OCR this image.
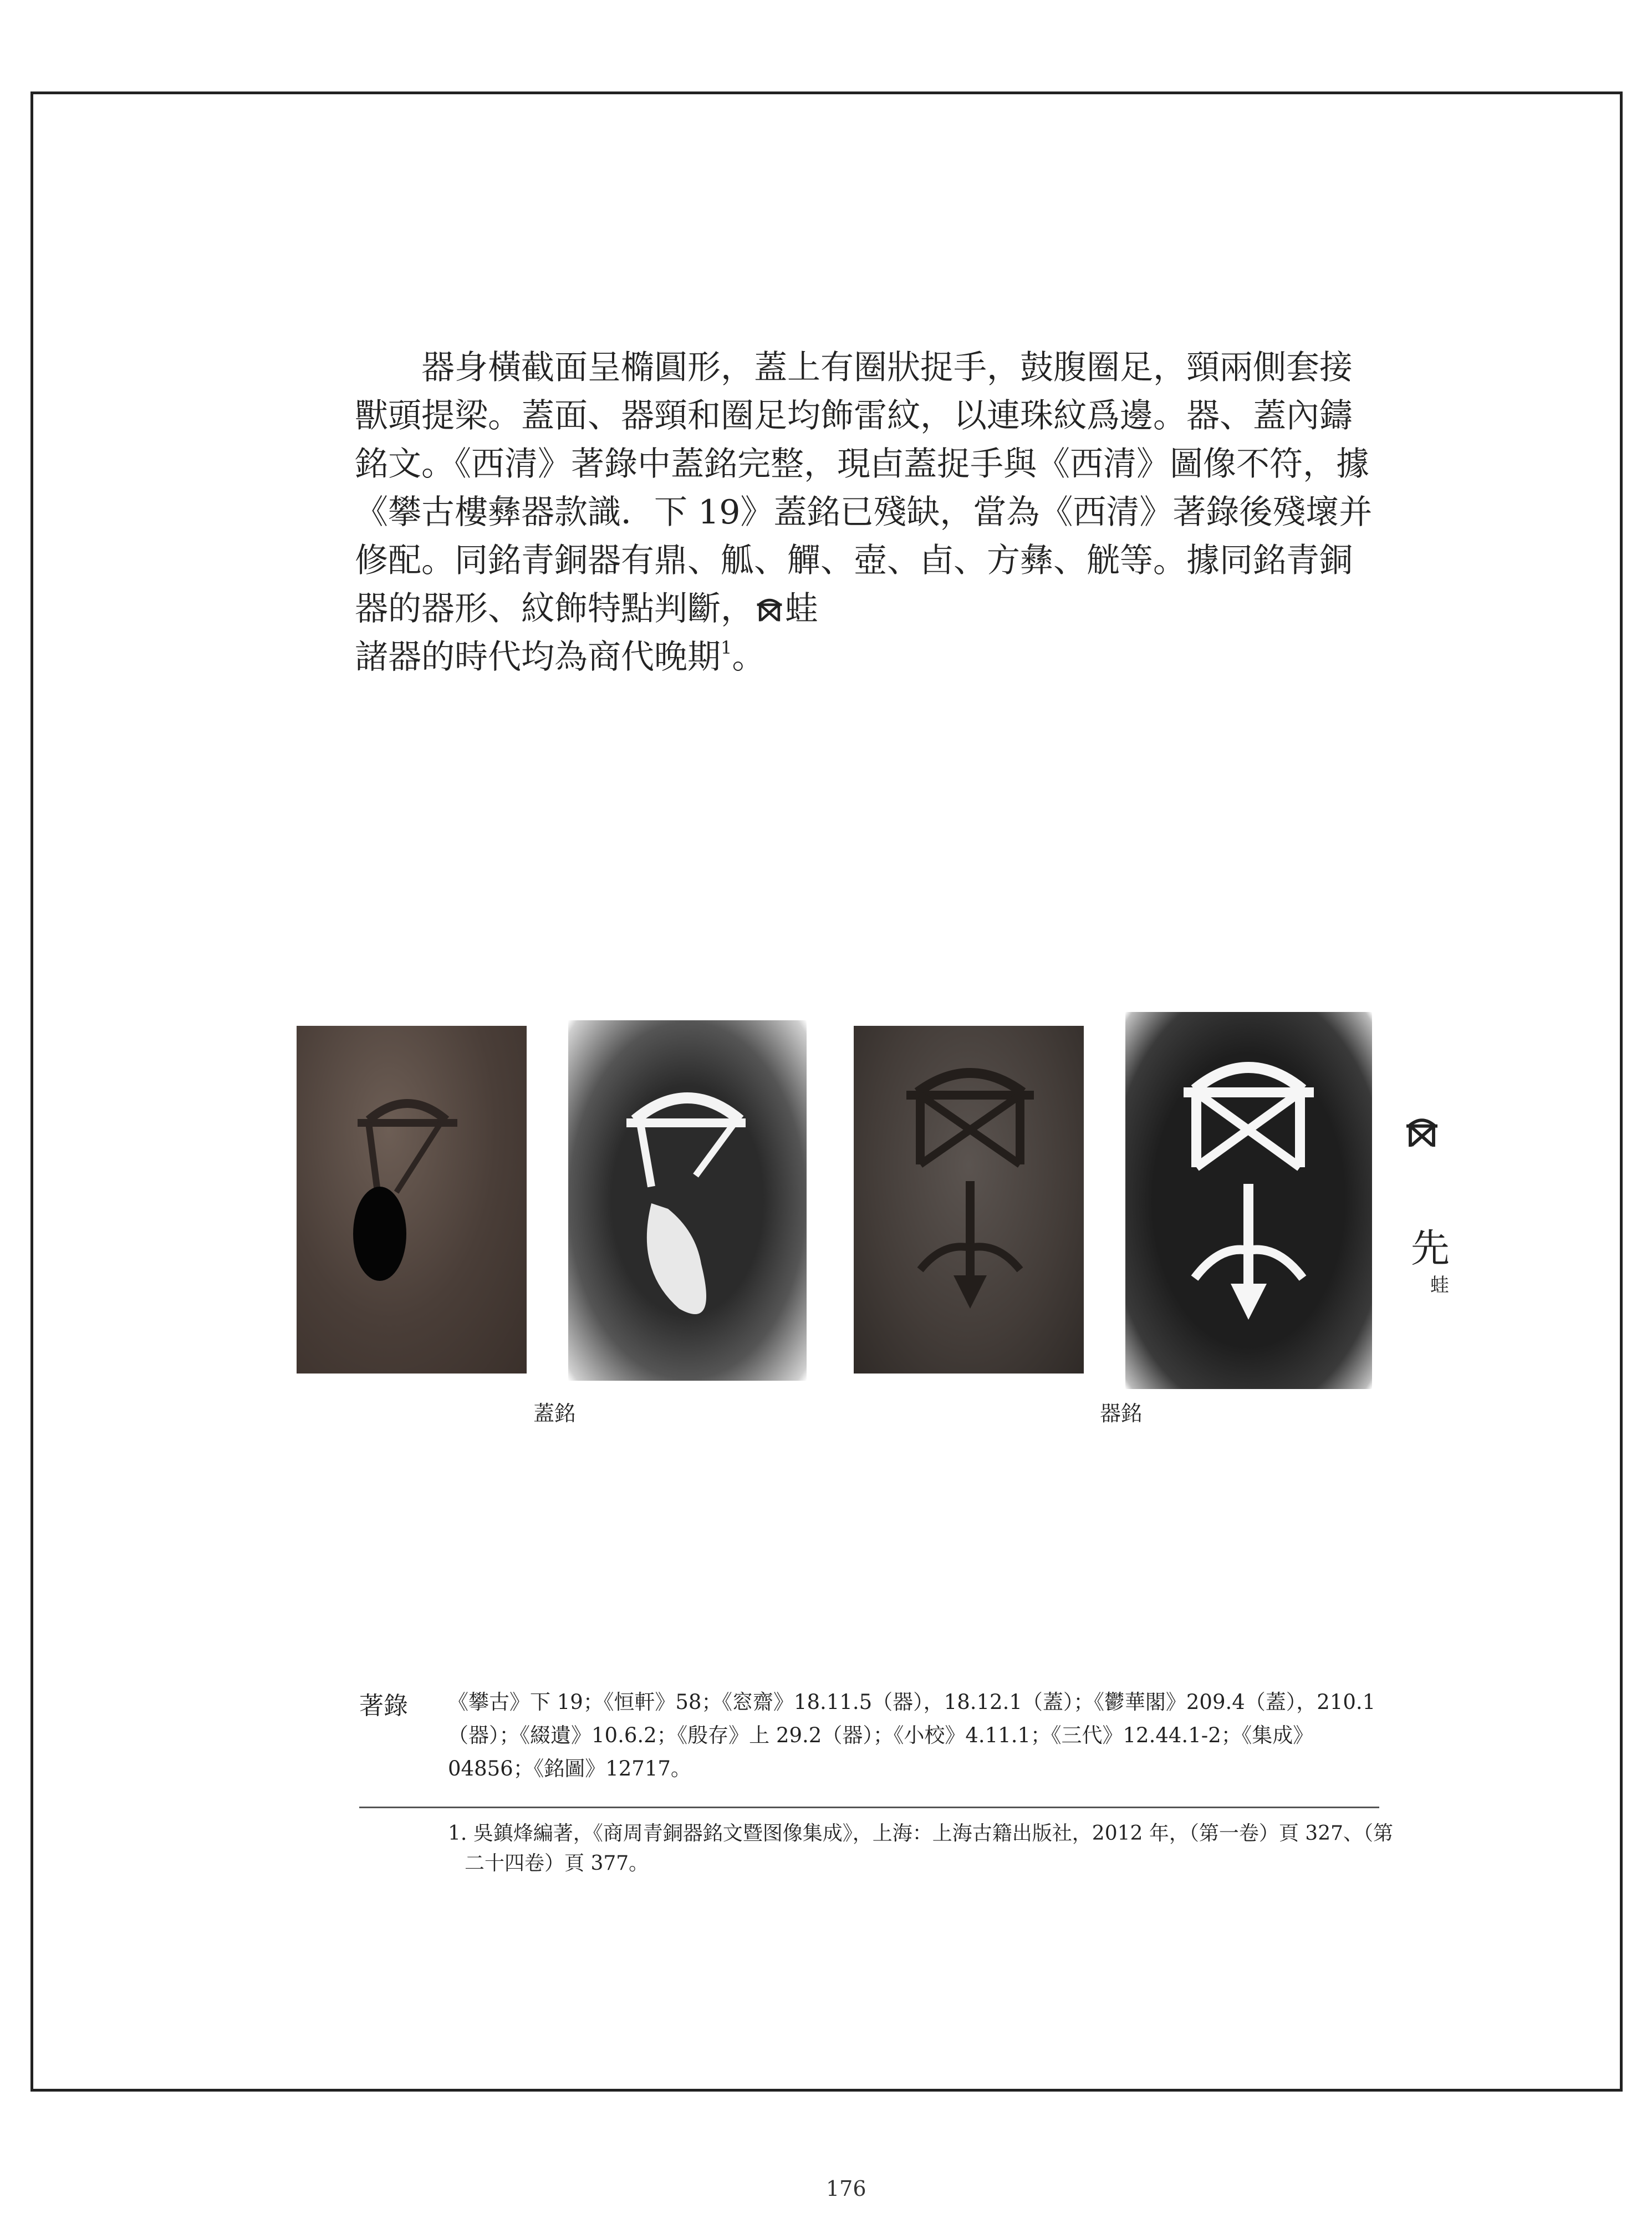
器身橫截面呈橢圓形，蓋上有圈狀捉手，鼓腹圈足，頸兩側套接獸頭提梁。蓋面、器頸和圈足均飾雷紋，以連珠紋爲邊。器、蓋內鑄銘文。《西清》著錄中蓋銘完整，現卣蓋捉手與《西清》圖像不符，據《攀古樓彝器款識．下 19》蓋銘已殘缺，當為《西清》著錄後殘壞并修配。同銘青銅器有鼎、觚、觶、壺、卣、方彝、觥等。據同銘青銅器的器形、紋飾特點判斷， 蛙
諸器的時代均為商代晚期$^1$。

蓋銘	器銘
先
蛙
著錄 《攀古》下 19；《恒軒》58；《窓齋》18.11.5（器），18.12.1（蓋）；《鬱華閣》209.4（蓋），210.1（器）；《綴遺》10.6.2；《殷存》上 29.2（器）；《小校》4.11.1；《三代》12.44.1-2；《集成》04856；《銘圖》12717。

1. 吳鎮烽編著，《商周青銅器銘文暨图像集成》，上海：上海古籍出版社，2012 年，（第一卷）頁 327、（第二十四卷）頁 377。

176
